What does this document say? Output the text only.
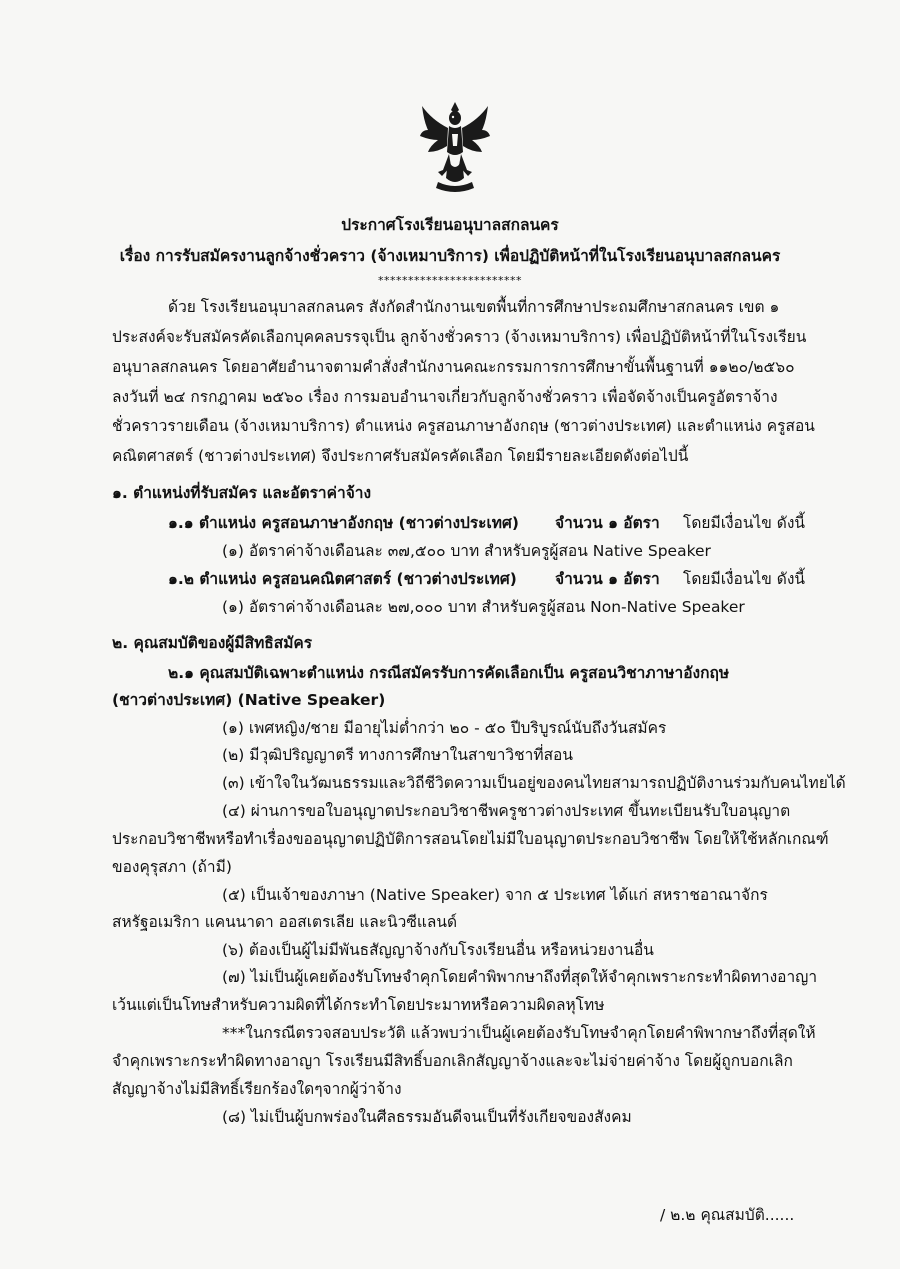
ประกาศโรงเรียนอนุบาลสกลนคร
เรื่อง การรับสมัครงานลูกจ้างชั่วคราว (จ้างเหมาบริการ) เพื่อปฏิบัติหน้าที่ในโรงเรียนอนุบาลสกลนคร
************************
ด้วย โรงเรียนอนุบาลสกลนคร สังกัดสำนักงานเขตพื้นที่การศึกษาประถมศึกษาสกลนคร เขต ๑
ประสงค์จะรับสมัครคัดเลือกบุคคลบรรจุเป็น ลูกจ้างชั่วคราว (จ้างเหมาบริการ) เพื่อปฏิบัติหน้าที่ในโรงเรียน
อนุบาลสกลนคร โดยอาศัยอำนาจตามคำสั่งสำนักงานคณะกรรมการการศึกษาขั้นพื้นฐานที่ ๑๑๒๐/๒๕๖๐
ลงวันที่ ๒๔ กรกฎาคม ๒๕๖๐ เรื่อง การมอบอำนาจเกี่ยวกับลูกจ้างชั่วคราว เพื่อจัดจ้างเป็นครูอัตราจ้าง
ชั่วคราวรายเดือน (จ้างเหมาบริการ) ตำแหน่ง ครูสอนภาษาอังกฤษ (ชาวต่างประเทศ) และตำแหน่ง ครูสอน
คณิตศาสตร์ (ชาวต่างประเทศ) จึงประกาศรับสมัครคัดเลือก โดยมีรายละเอียดดังต่อไปนี้
๑. ตำแหน่งที่รับสมัคร และอัตราค่าจ้าง
๑.๑ ตำแหน่ง ครูสอนภาษาอังกฤษ (ชาวต่างประเทศ) จำนวน ๑ อัตรา โดยมีเงื่อนไข ดังนี้
(๑) อัตราค่าจ้างเดือนละ ๓๗,๕๐๐ บาท สำหรับครูผู้สอน Native Speaker
๑.๒ ตำแหน่ง ครูสอนคณิตศาสตร์ (ชาวต่างประเทศ) จำนวน ๑ อัตรา โดยมีเงื่อนไข ดังนี้
(๑) อัตราค่าจ้างเดือนละ ๒๗,๐๐๐ บาท สำหรับครูผู้สอน Non-Native Speaker
๒. คุณสมบัติของผู้มีสิทธิสมัคร
๒.๑ คุณสมบัติเฉพาะตำแหน่ง กรณีสมัครรับการคัดเลือกเป็น ครูสอนวิชาภาษาอังกฤษ
(ชาวต่างประเทศ) (Native Speaker)
(๑) เพศหญิง/ชาย มีอายุไม่ต่ำกว่า ๒๐ - ๕๐ ปีบริบูรณ์นับถึงวันสมัคร
(๒) มีวุฒิปริญญาตรี ทางการศึกษาในสาขาวิชาที่สอน
(๓) เข้าใจในวัฒนธรรมและวิถีชีวิตความเป็นอยู่ของคนไทยสามารถปฏิบัติงานร่วมกับคนไทยได้
(๔) ผ่านการขอใบอนุญาตประกอบวิชาชีพครูชาวต่างประเทศ ขึ้นทะเบียนรับใบอนุญาต
ประกอบวิชาชีพหรือทำเรื่องขออนุญาตปฏิบัติการสอนโดยไม่มีใบอนุญาตประกอบวิชาชีพ โดยให้ใช้หลักเกณฑ์
ของคุรุสภา (ถ้ามี)
(๕) เป็นเจ้าของภาษา (Native Speaker) จาก ๕ ประเทศ ได้แก่ สหราชอาณาจักร
สหรัฐอเมริกา แคนนาดา ออสเตรเลีย และนิวซีแลนด์
(๖) ต้องเป็นผู้ไม่มีพันธสัญญาจ้างกับโรงเรียนอื่น หรือหน่วยงานอื่น
(๗) ไม่เป็นผู้เคยต้องรับโทษจำคุกโดยคำพิพากษาถึงที่สุดให้จำคุกเพราะกระทำผิดทางอาญา
เว้นแต่เป็นโทษสำหรับความผิดที่ได้กระทำโดยประมาทหรือความผิดลหุโทษ
***ในกรณีตรวจสอบประวัติ แล้วพบว่าเป็นผู้เคยต้องรับโทษจำคุกโดยคำพิพากษาถึงที่สุดให้
จำคุกเพราะกระทำผิดทางอาญา โรงเรียนมีสิทธิ์บอกเลิกสัญญาจ้างและจะไม่จ่ายค่าจ้าง โดยผู้ถูกบอกเลิก
สัญญาจ้างไม่มีสิทธิ์เรียกร้องใดๆจากผู้ว่าจ้าง
(๘) ไม่เป็นผู้บกพร่องในศีลธรรมอันดีจนเป็นที่รังเกียจของสังคม
/ ๒.๒ คุณสมบัติ......
